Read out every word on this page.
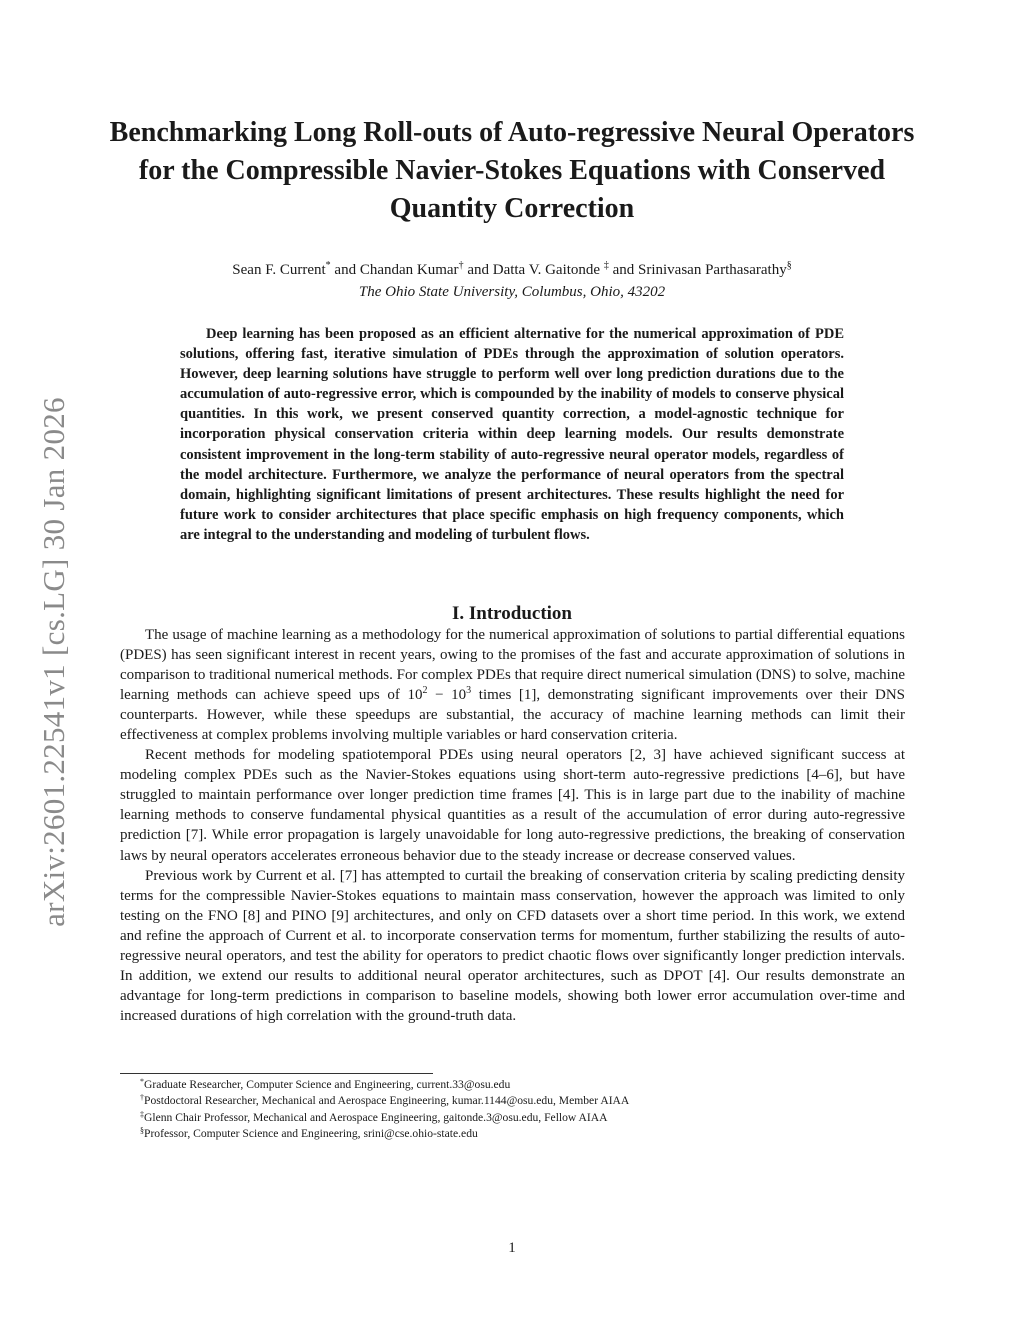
arXiv:2601.22541v1 [cs.LG] 30 Jan 2026
Benchmarking Long Roll-outs of Auto-regressive Neural Operators for the Compressible Navier-Stokes Equations with Conserved Quantity Correction
Sean F. Current* and Chandan Kumar† and Datta V. Gaitonde ‡ and Srinivasan Parthasarathy§
The Ohio State University, Columbus, Ohio, 43202

Deep learning has been proposed as an efficient alternative for the numerical approximation of PDE solutions, offering fast, iterative simulation of PDEs through the approximation of solution operators. However, deep learning solutions have struggle to perform well over long prediction durations due to the accumulation of auto-regressive error, which is compounded by the inability of models to conserve physical quantities. In this work, we present conserved quantity correction, a model-agnostic technique for incorporation physical conservation criteria within deep learning models. Our results demonstrate consistent improvement in the long-term stability of auto-regressive neural operator models, regardless of the model architecture. Furthermore, we analyze the performance of neural operators from the spectral domain, highlighting significant limitations of present architectures. These results highlight the need for future work to consider architectures that place specific emphasis on high frequency components, which are integral to the understanding and modeling of turbulent flows.

I. Introduction

The usage of machine learning as a methodology for the numerical approximation of solutions to partial differential equations (PDES) has seen significant interest in recent years, owing to the promises of the fast and accurate approximation of solutions in comparison to traditional numerical methods. For complex PDEs that require direct numerical simulation (DNS) to solve, machine learning methods can achieve speed ups of $10^2 - 10^3$ times [1], demonstrating significant improvements over their DNS counterparts. However, while these speedups are substantial, the accuracy of machine learning methods can limit their effectiveness at complex problems involving multiple variables or hard conservation criteria.

Recent methods for modeling spatiotemporal PDEs using neural operators [2, 3] have achieved significant success at modeling complex PDEs such as the Navier-Stokes equations using short-term auto-regressive predictions [4–6], but have struggled to maintain performance over longer prediction time frames [4]. This is in large part due to the inability of machine learning methods to conserve fundamental physical quantities as a result of the accumulation of error during auto-regressive prediction [7]. While error propagation is largely unavoidable for long auto-regressive predictions, the breaking of conservation laws by neural operators accelerates erroneous behavior due to the steady increase or decrease conserved values.

Previous work by Current et al. [7] has attempted to curtail the breaking of conservation criteria by scaling predicting density terms for the compressible Navier-Stokes equations to maintain mass conservation, however the approach was limited to only testing on the FNO [8] and PINO [9] architectures, and only on CFD datasets over a short time period. In this work, we extend and refine the approach of Current et al. to incorporate conservation terms for momentum, further stabilizing the results of auto-regressive neural operators, and test the ability for operators to predict chaotic flows over significantly longer prediction intervals. In addition, we extend our results to additional neural operator architectures, such as DPOT [4]. Our results demonstrate an advantage for long-term predictions in comparison to baseline models, showing both lower error accumulation over-time and increased durations of high correlation with the ground-truth data.

*Graduate Researcher, Computer Science and Engineering, current.33@osu.edu
†Postdoctoral Researcher, Mechanical and Aerospace Engineering, kumar.1144@osu.edu, Member AIAA
‡Glenn Chair Professor, Mechanical and Aerospace Engineering, gaitonde.3@osu.edu, Fellow AIAA
§Professor, Computer Science and Engineering, srini@cse.ohio-state.edu
1
